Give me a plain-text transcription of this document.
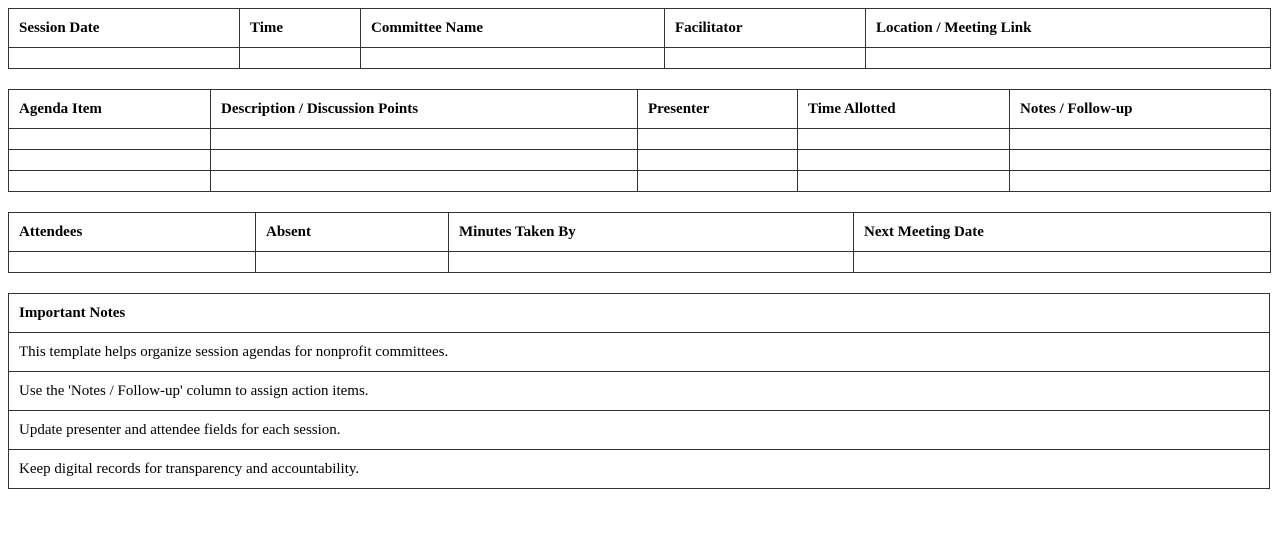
Session Date	Time	Committee Name	Facilitator	Location / Meeting Link

Agenda Item	Description / Discussion Points	Presenter	Time Allotted	Notes / Follow-up

Attendees	Absent	Minutes Taken By	Next Meeting Date

Important Notes
This template helps organize session agendas for nonprofit committees.
Use the 'Notes / Follow-up' column to assign action items.
Update presenter and attendee fields for each session.
Keep digital records for transparency and accountability.
